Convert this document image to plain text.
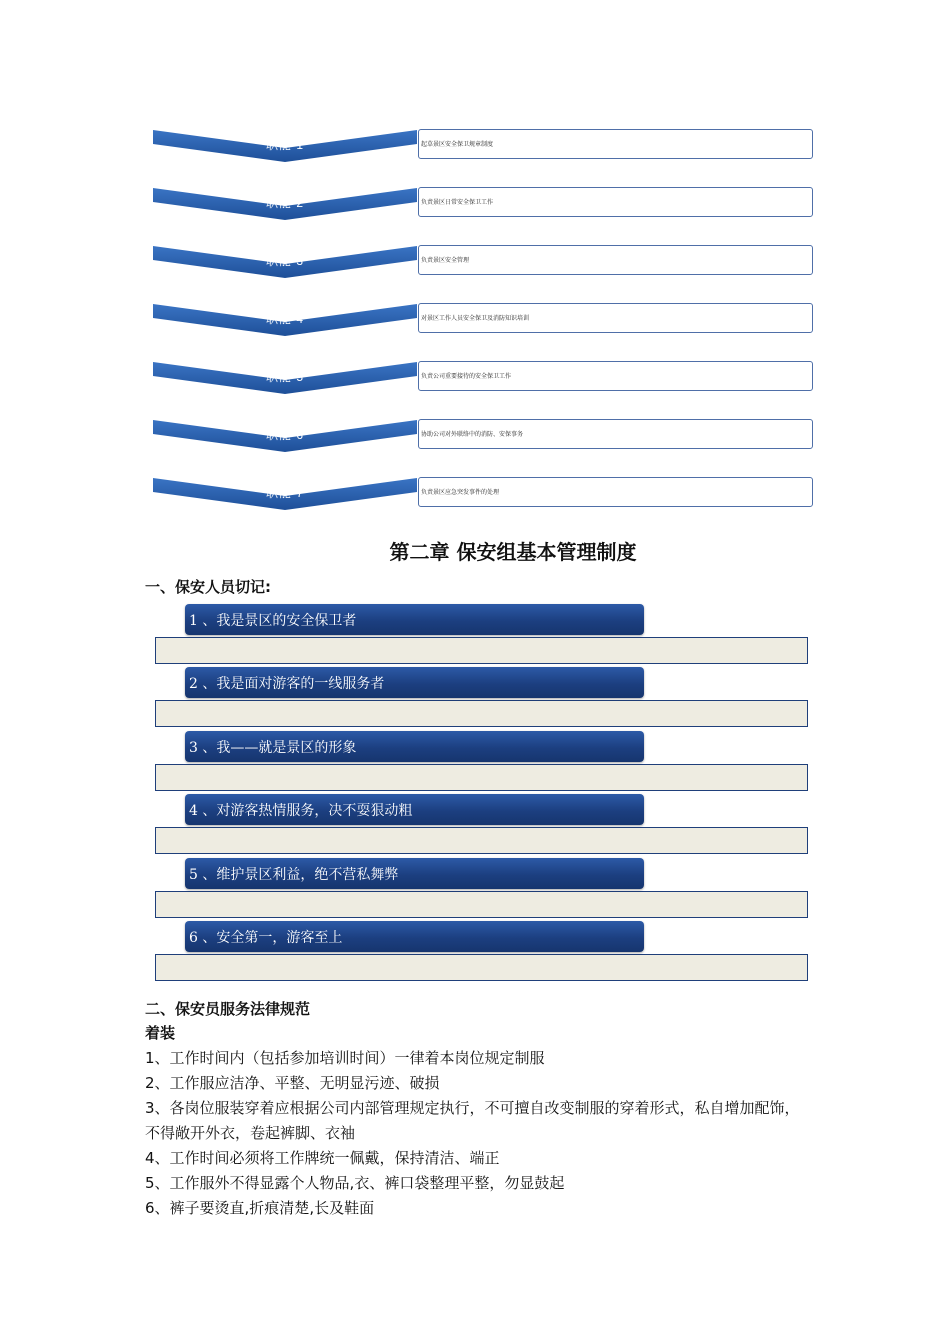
职能 1	起草景区安全保卫规章制度
职能 2	负责景区日常安全保卫工作
职能 3	负责景区安全管理
职能 4	对景区工作人员安全保卫及消防知识培训
职能 5	负责公司重要接待的安全保卫工作
职能 6	协助公司对外联络中的消防、安保事务
职能 7	负责景区应急突发事件的处理
第二章 保安组基本管理制度
一、保安人员切记:
1 、我是景区的安全保卫者
2 、我是面对游客的一线服务者
3 、我——就是景区的形象
4 、对游客热情服务，决不耍狠动粗
5 、维护景区利益，绝不营私舞弊
6 、安全第一，游客至上
二、保安员服务法律规范
着装
1、工作时间内（包括参加培训时间）一律着本岗位规定制服
2、工作服应洁净、平整、无明显污迹、破损
3、各岗位服装穿着应根据公司内部管理规定执行，不可擅自改变制服的穿着形式，私自增加配饰，不得敞开外衣，卷起裤脚、衣袖
4、工作时间必须将工作牌统一佩戴，保持清洁、端正
5、工作服外不得显露个人物品,衣、裤口袋整理平整，勿显鼓起
6、裤子要烫直,折痕清楚,长及鞋面
